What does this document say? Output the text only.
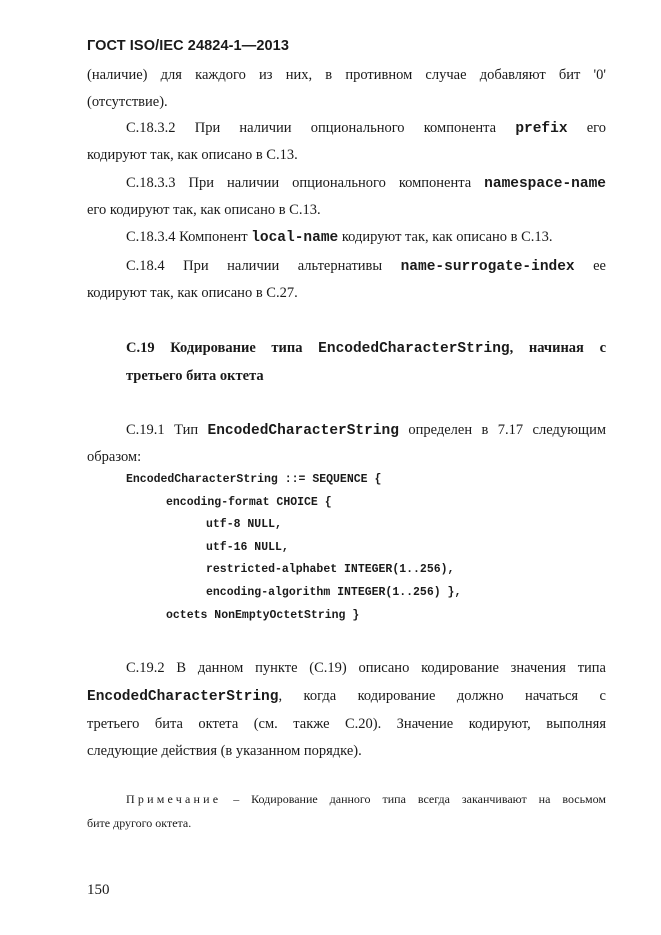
ГОСТ ISO/IEC 24824-1—2013
(наличие) для каждого из них, в противном случае добавляют бит '0'
(отсутствие).
С.18.3.2 При наличии опционального компонента prefix его
кодируют так, как описано в С.13.
С.18.3.3 При наличии опционального компонента namespace-name
его кодируют так, как описано в С.13.
С.18.3.4 Компонент local-name кодируют так, как описано в С.13.
С.18.4 При наличии альтернативы name-surrogate-index ее
кодируют так, как описано в С.27.
С.19 Кодирование типа EncodedCharacterString, начиная с
третьего бита октета
С.19.1 Тип EncodedCharacterString определен в 7.17 следующим
образом:
EncodedCharacterString ::= SEQUENCE {
encoding-format CHOICE {
utf-8 NULL,
utf-16 NULL,
restricted-alphabet INTEGER(1..256),
encoding-algorithm INTEGER(1..256) },
octets NonEmptyOctetString }
С.19.2 В данном пункте (С.19) описано кодирование значения типа
EncodedCharacterString, когда кодирование должно начаться с
третьего бита октета (см. также С.20). Значение кодируют, выполняя
следующие действия (в указанном порядке).
Примечание – Кодирование данного типа всегда заканчивают на восьмом
бите другого октета.
150
